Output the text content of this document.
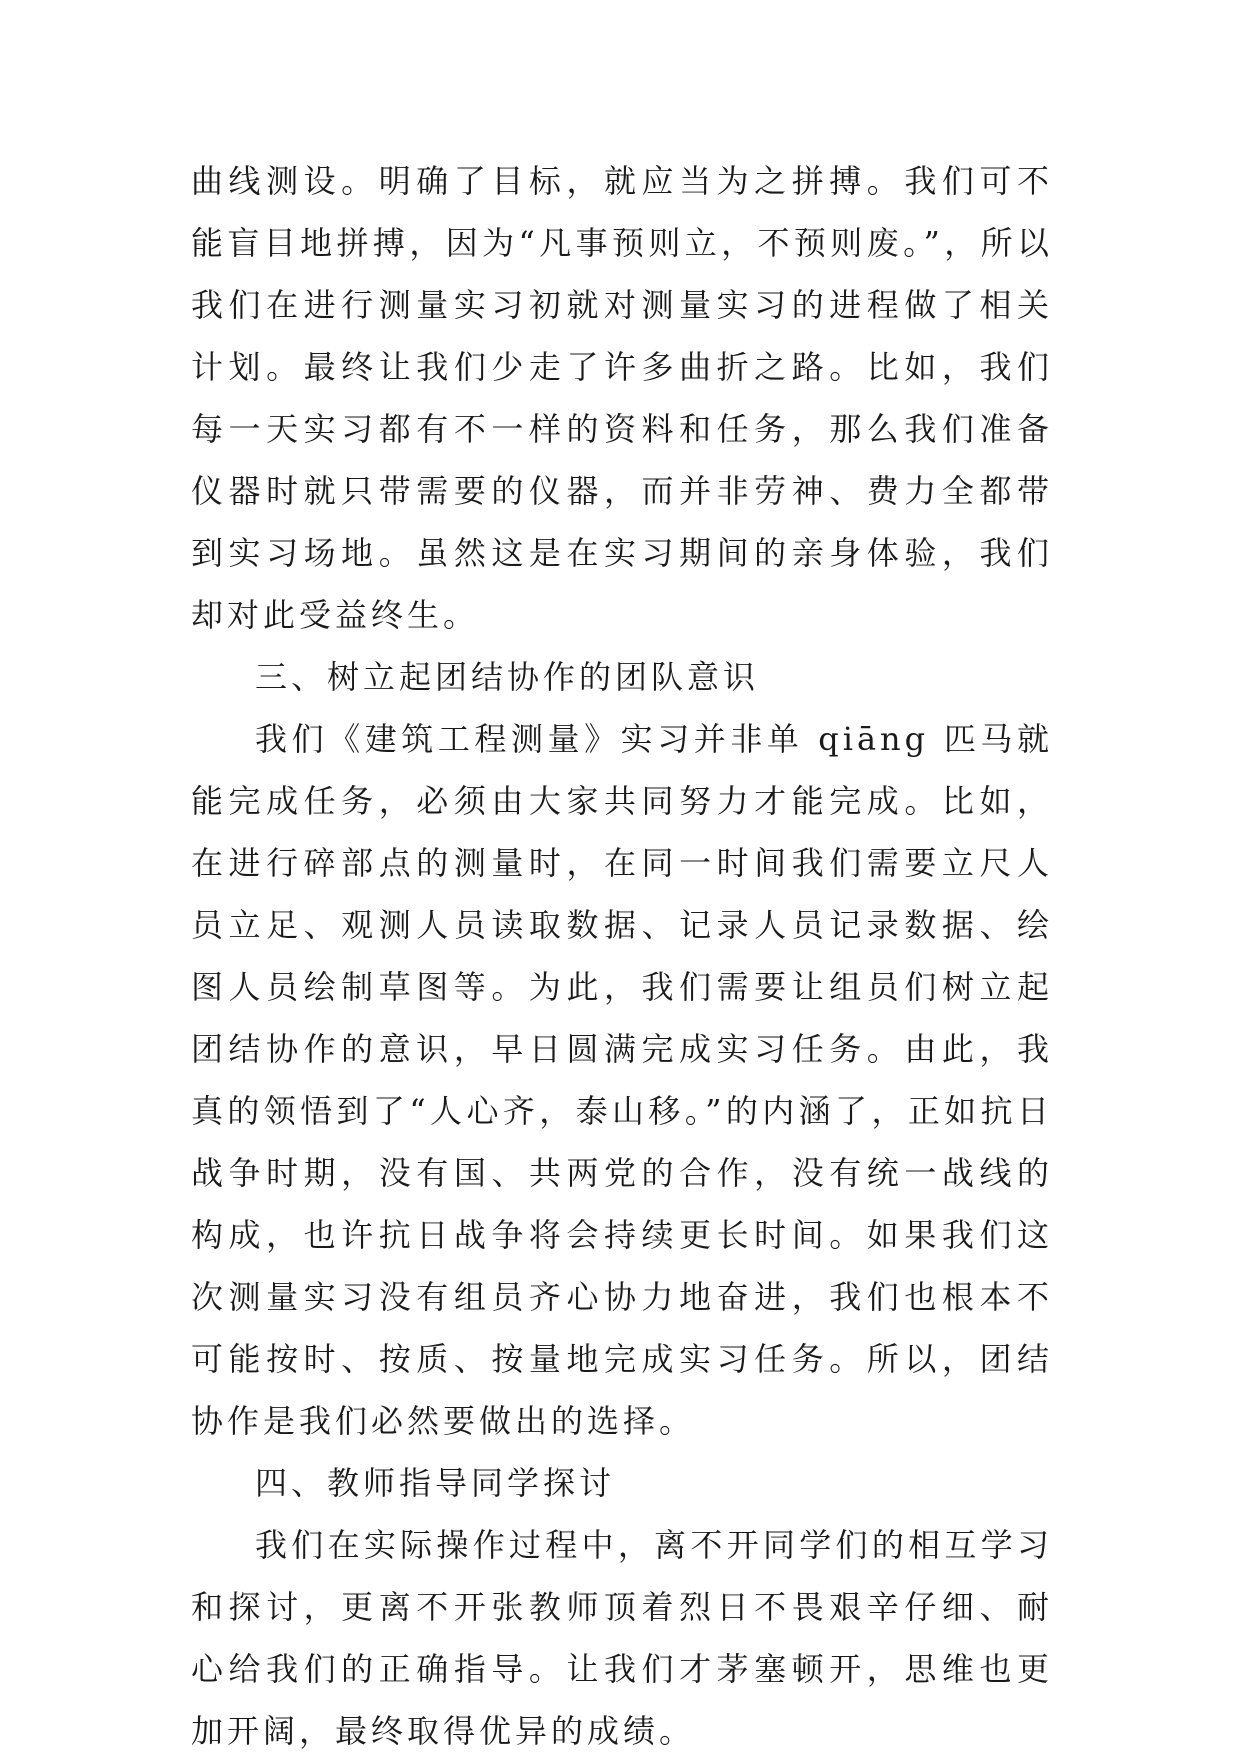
曲线测设。明确了目标，就应当为之拼搏。我们可不能盲目地拼搏，因为“凡事预则立，不预则废。”，所以我们在进行测量实习初就对测量实习的进程做了相关计划。最终让我们少走了许多曲折之路。比如，我们每一天实习都有不一样的资料和任务，那么我们准备仪器时就只带需要的仪器，而并非劳神、费力全都带到实习场地。虽然这是在实习期间的亲身体验，我们却对此受益终生。

三、树立起团结协作的团队意识

我们《建筑工程测量》实习并非单 qiāng 匹马就能完成任务，必须由大家共同努力才能完成。比如，在进行碎部点的测量时，在同一时间我们需要立尺人员立足、观测人员读取数据、记录人员记录数据、绘图人员绘制草图等。为此，我们需要让组员们树立起团结协作的意识，早日圆满完成实习任务。由此，我真的领悟到了“人心齐，泰山移。”的内涵了，正如抗日战争时期，没有国、共两党的合作，没有统一战线的构成，也许抗日战争将会持续更长时间。如果我们这次测量实习没有组员齐心协力地奋进，我们也根本不可能按时、按质、按量地完成实习任务。所以，团结协作是我们必然要做出的选择。

四、教师指导同学探讨

我们在实际操作过程中，离不开同学们的相互学习和探讨，更离不开张教师顶着烈日不畏艰辛仔细、耐心给我们的正确指导。让我们才茅塞顿开，思维也更加开阔，最终取得优异的成绩。
